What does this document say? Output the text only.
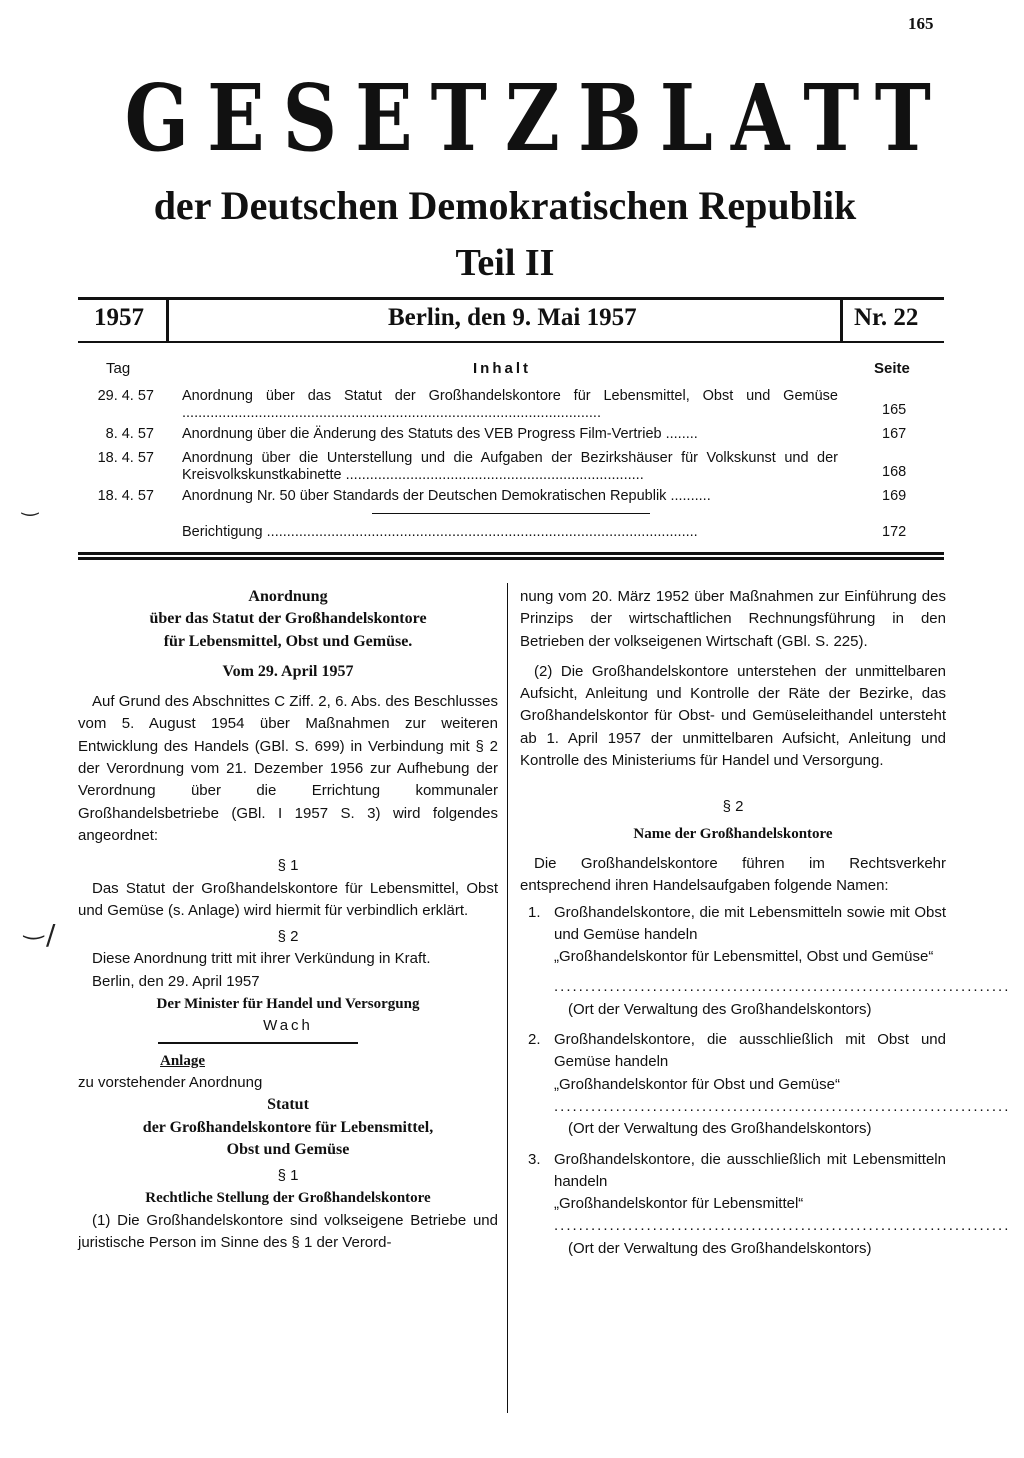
165
GESETZBLATT
der Deutschen Demokratischen Republik
Teil II
1957	Berlin, den 9. Mai 1957	Nr. 22
Tag	Inhalt	Seite
29. 4. 57 Anordnung über das Statut der Großhandelskontore für Lebensmittel, Obst und Gemüse ........................................................................................................	165
8. 4. 57 Anordnung über die Änderung des Statuts des VEB Progress Film-Vertrieb ........	167
18. 4. 57 Anordnung über die Unterstellung und die Aufgaben der Bezirkshäuser für Volkskunst und der Kreisvolkskunstkabinette ..........................................................................	168
18. 4. 57 Anordnung Nr. 50 über Standards der Deutschen Demokratischen Republik ..........	169
Berichtigung ...........................................................................................................	172
‿
‿ /
Anordnung
über das Statut der Großhandelskontore
für Lebensmittel, Obst und Gemüse.
Vom 29. April 1957

Auf Grund des Abschnittes C Ziff. 2, 6. Abs. des Beschlusses vom 5. August 1954 über Maßnahmen zur weiteren Entwicklung des Handels (GBl. S. 699) in Verbindung mit § 2 der Verordnung vom 21. Dezember 1956 zur Aufhebung der Verordnung über die Errichtung kommunaler Großhandelsbetriebe (GBl. I 1957 S. 3) wird folgendes angeordnet:

§ 1

Das Statut der Großhandelskontore für Lebensmittel, Obst und Gemüse (s. Anlage) wird hiermit für verbindlich erklärt.

§ 2

Diese Anordnung tritt mit ihrer Verkündung in Kraft.

Berlin, den 29. April 1957

Der Minister für Handel und Versorgung
Wach
Anlage
zu vorstehender Anordnung
Statut
der Großhandelskontore für Lebensmittel,
Obst und Gemüse
§ 1
Rechtliche Stellung der Großhandelskontore

(1) Die Großhandelskontore sind volkseigene Betriebe und juristische Person im Sinne des § 1 der Verord-

nung vom 20. März 1952 über Maßnahmen zur Einführung des Prinzips der wirtschaftlichen Rechnungsführung in den Betrieben der volkseigenen Wirtschaft (GBl. S. 225).

(2) Die Großhandelskontore unterstehen der unmittelbaren Aufsicht, Anleitung und Kontrolle der Räte der Bezirke, das Großhandelskontor für Obst- und Gemüseleithandel untersteht ab 1. April 1957 der unmittelbaren Aufsicht, Anleitung und Kontrolle des Ministeriums für Handel und Versorgung.

§ 2
Name der Großhandelskontore

Die Großhandelskontore führen im Rechtsverkehr entsprechend ihren Handelsaufgaben folgende Namen:

1. Großhandelskontore, die mit Lebensmitteln sowie mit Obst und Gemüse handeln
„Großhandelskontor für Lebensmittel, Obst und Gemüse“
..........................................................................
(Ort der Verwaltung des Großhandelskontors)
2. Großhandelskontore, die ausschließlich mit Obst und Gemüse handeln
„Großhandelskontor für Obst und Gemüse“
..........................................................................
(Ort der Verwaltung des Großhandelskontors)
3. Großhandelskontore, die ausschließlich mit Lebensmitteln handeln
„Großhandelskontor für Lebensmittel“
..........................................................................
(Ort der Verwaltung des Großhandelskontors)
